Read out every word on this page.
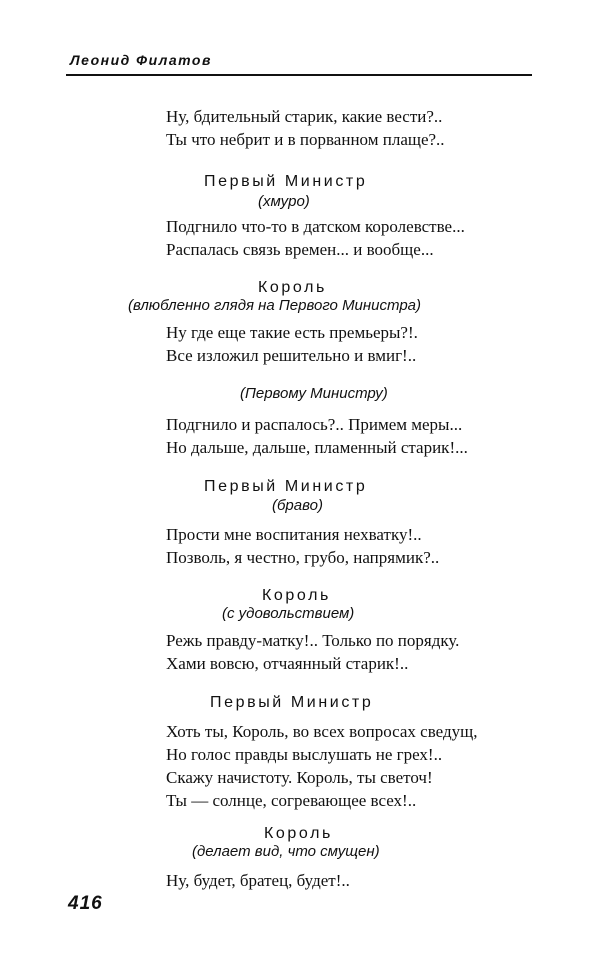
Леонид Филатов
Ну, бдительный старик, какие вести?..
Ты что небрит и в порванном плаще?..
Первый Министр
(хмуро)
Подгнило что-то в датском королевстве...
Распалась связь времен... и вообще...
Король
(влюбленно глядя на Первого Министра)
Ну где еще такие есть премьеры?!.
Все изложил решительно и вмиг!..
(Первому Министру)
Подгнило и распалось?.. Примем меры...
Но дальше, дальше, пламенный старик!...
Первый Министр
(браво)
Прости мне воспитания нехватку!..
Позволь, я честно, грубо, напрямик?..
Король
(с удовольствием)
Режь правду-матку!.. Только по порядку.
Хами вовсю, отчаянный старик!..
Первый Министр
Хоть ты, Король, во всех вопросах сведущ,
Но голос правды выслушать не грех!..
Скажу начистоту. Король, ты светоч!
Ты — солнце, согревающее всех!..
Король
(делает вид, что смущен)
Ну, будет, братец, будет!..
416
